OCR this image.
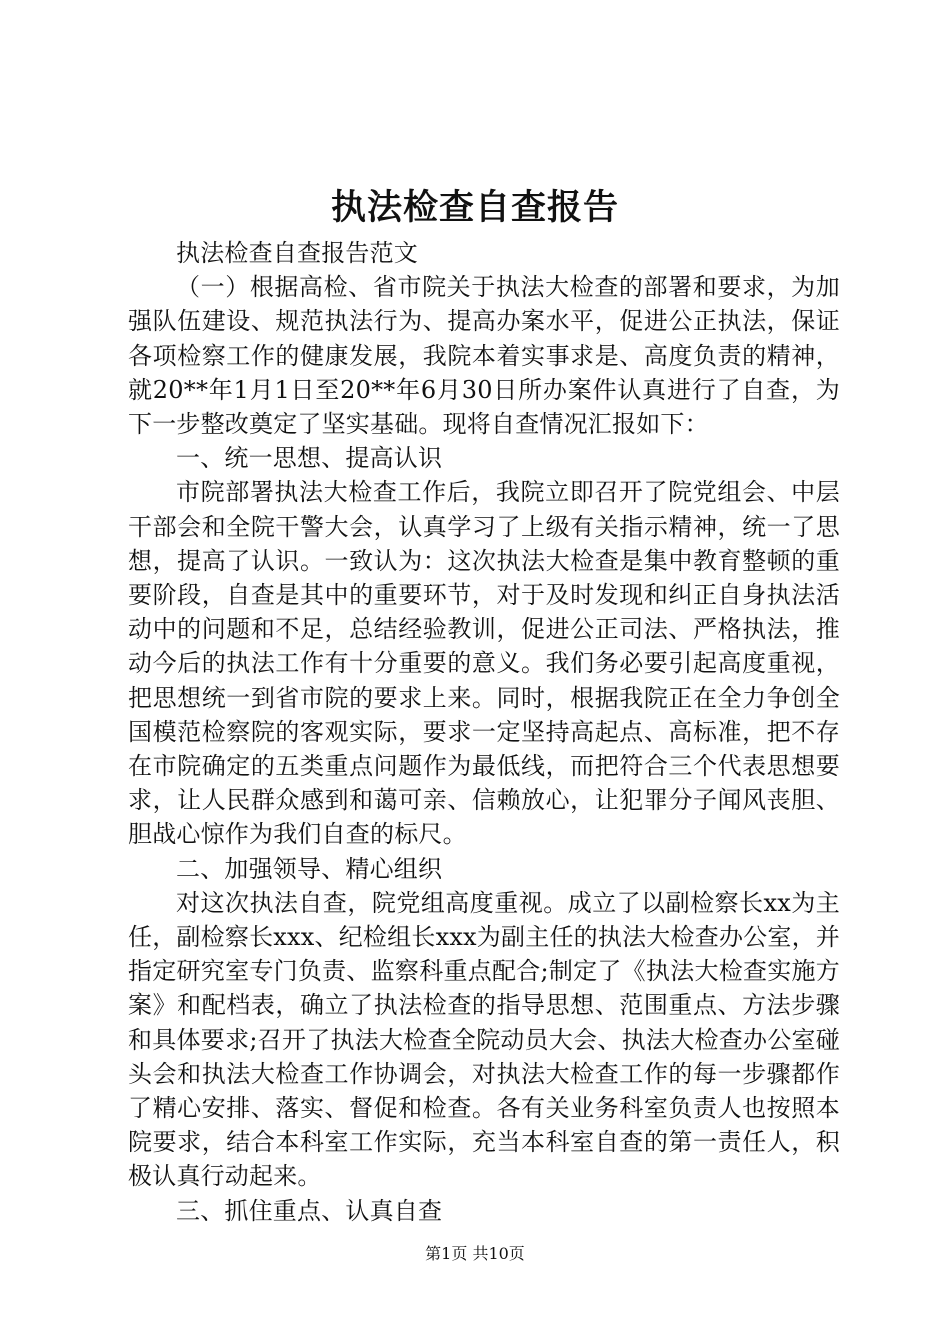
执法检查自查报告

执法检查自查报告范文

（一）根据高检、省市院关于执法大检查的部署和要求，为加强队伍建设、规范执法行为、提高办案水平，促进公正执法，保证各项检察工作的健康发展，我院本着实事求是、高度负责的精神，就20**年1月1日至20**年6月30日所办案件认真进行了自查，为下一步整改奠定了坚实基础。现将自查情况汇报如下：

一、统一思想、提高认识

市院部署执法大检查工作后，我院立即召开了院党组会、中层干部会和全院干警大会，认真学习了上级有关指示精神，统一了思想，提高了认识。一致认为：这次执法大检查是集中教育整顿的重要阶段，自查是其中的重要环节，对于及时发现和纠正自身执法活动中的问题和不足，总结经验教训，促进公正司法、严格执法，推动今后的执法工作有十分重要的意义。我们务必要引起高度重视，把思想统一到省市院的要求上来。同时，根据我院正在全力争创全国模范检察院的客观实际，要求一定坚持高起点、高标准，把不存在市院确定的五类重点问题作为最低线，而把符合三个代表思想要求，让人民群众感到和蔼可亲、信赖放心，让犯罪分子闻风丧胆、胆战心惊作为我们自查的标尺。

二、加强领导、精心组织

对这次执法自查，院党组高度重视。成立了以副检察长xx为主任，副检察长xxx、纪检组长xxx为副主任的执法大检查办公室，并指定研究室专门负责、监察科重点配合;制定了《执法大检查实施方案》和配档表，确立了执法检查的指导思想、范围重点、方法步骤和具体要求;召开了执法大检查全院动员大会、执法大检查办公室碰头会和执法大检查工作协调会，对执法大检查工作的每一步骤都作了精心安排、落实、督促和检查。各有关业务科室负责人也按照本院要求，结合本科室工作实际，充当本科室自查的第一责任人，积极认真行动起来。

三、抓住重点、认真自查

第1页 共10页
